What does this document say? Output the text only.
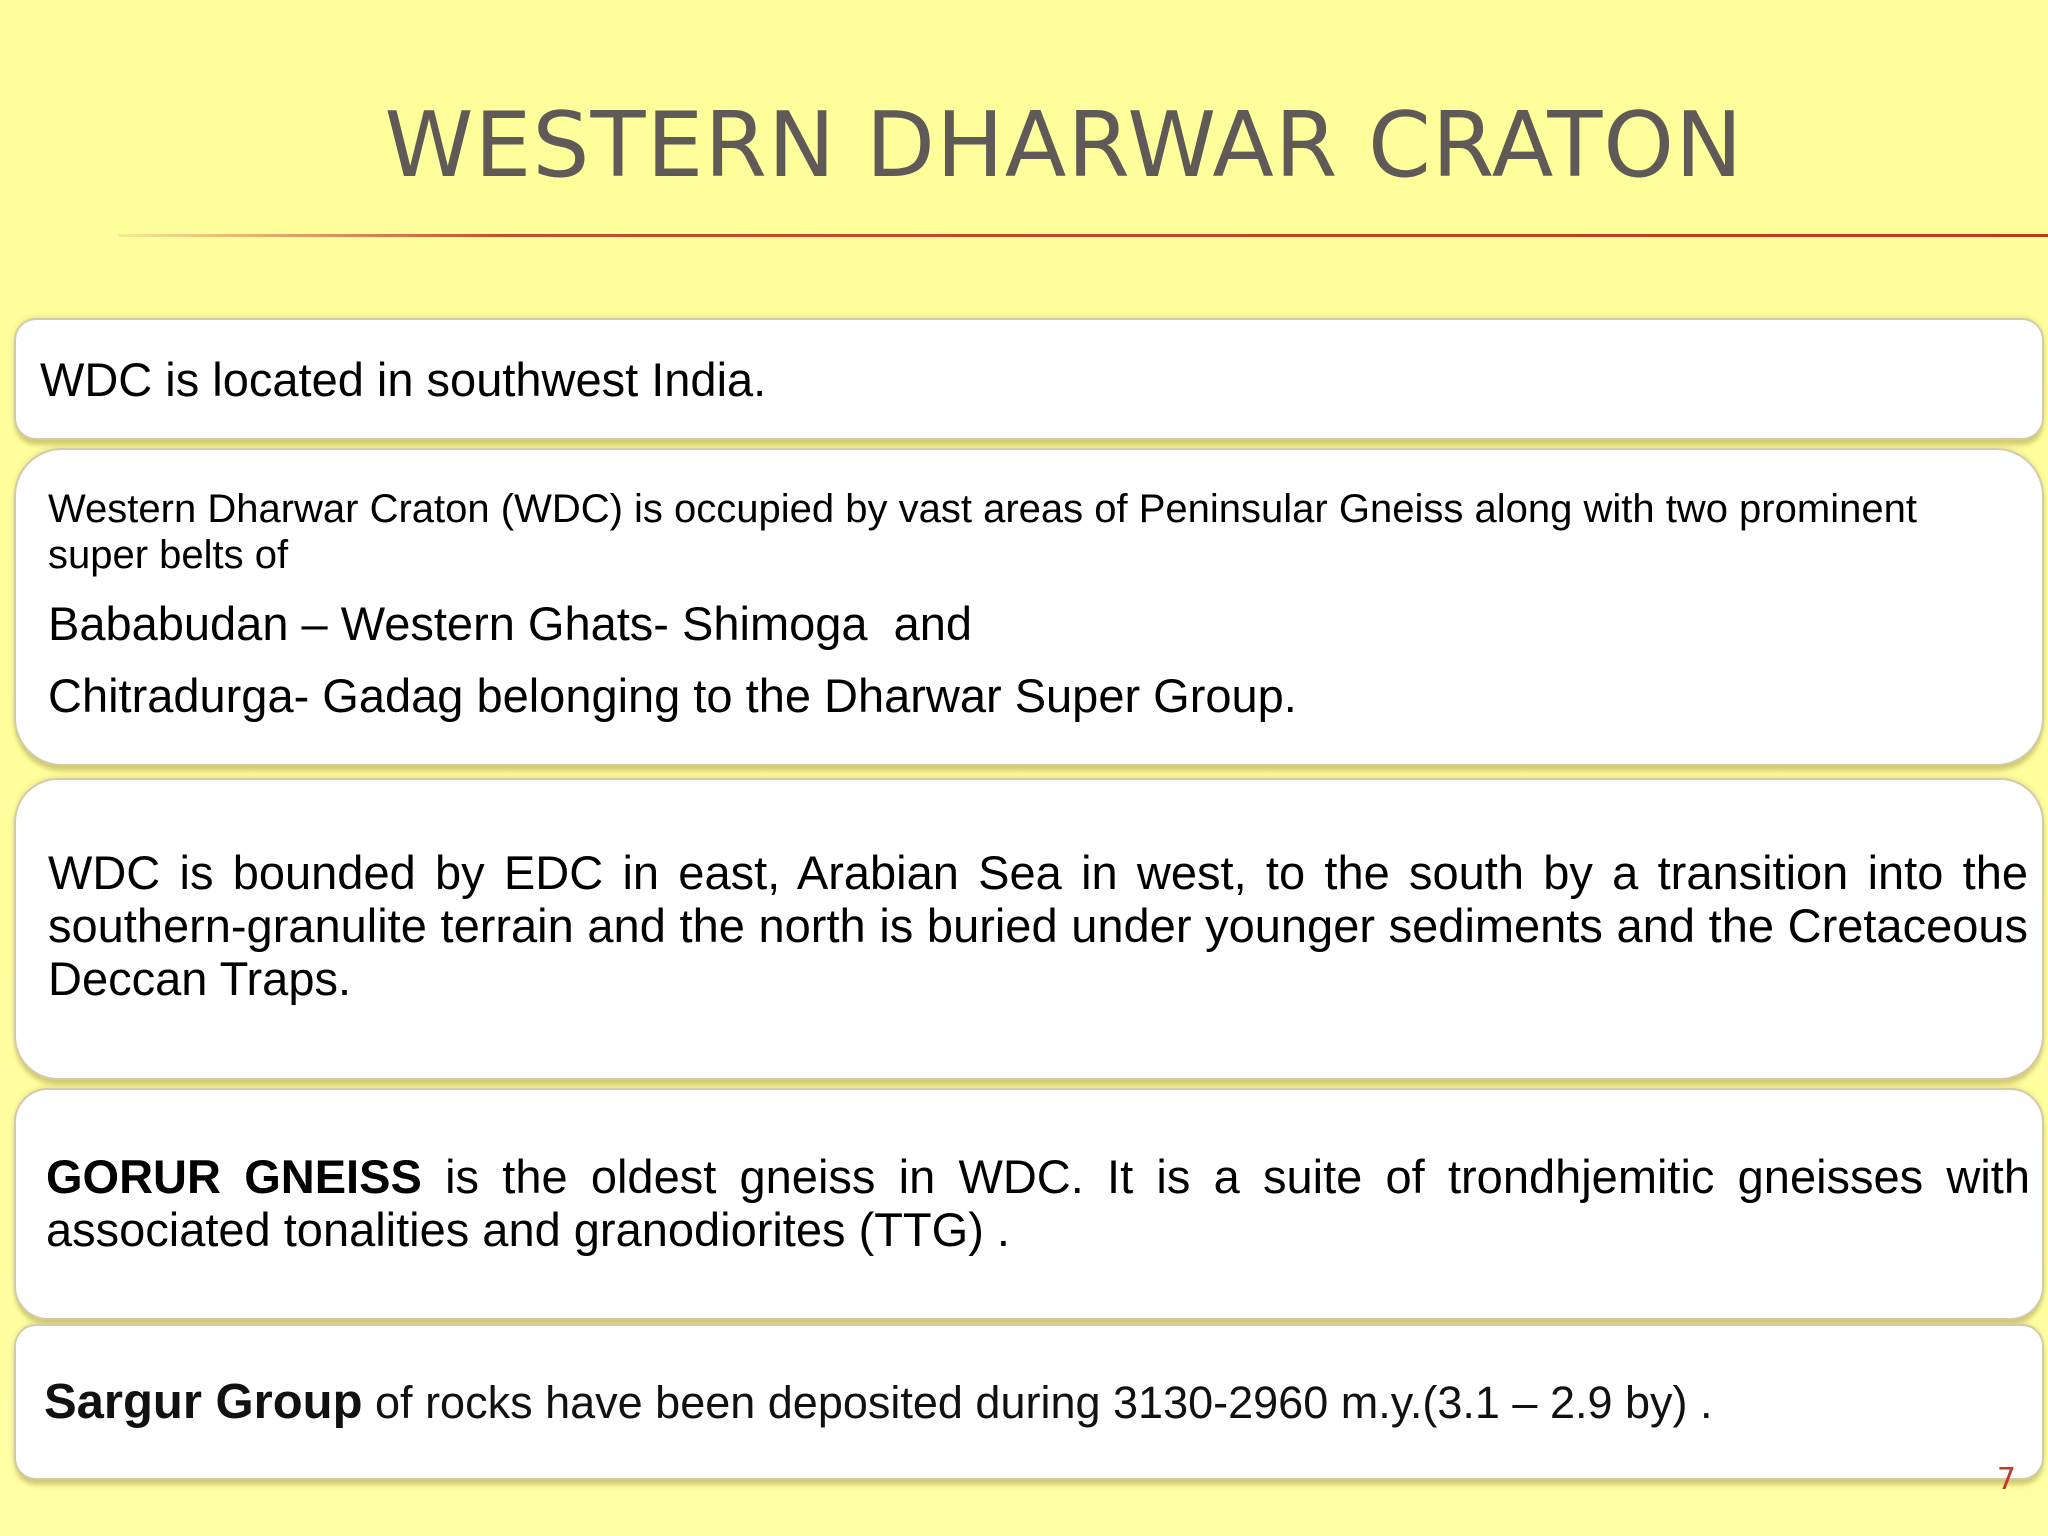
WESTERN DHARWAR CRATON
WDC is located in southwest India.
Western Dharwar Craton (WDC) is occupied by vast areas of Peninsular Gneiss along with two prominent super belts of
Bababudan – Western Ghats- Shimoga  and
Chitradurga- Gadag belonging to the Dharwar Super Group.
WDC is bounded by EDC in east, Arabian Sea in west, to the south by a transition into the southern-granulite terrain and the north is buried under younger sediments and the Cretaceous Deccan Traps.
GORUR GNEISS is the oldest gneiss in WDC. It is a suite of trondhjemitic gneisses with associated tonalities and granodiorites (TTG) .
Sargur Group of rocks have been deposited during 3130-2960 m.y.(3.1 – 2.9 by) .
7
